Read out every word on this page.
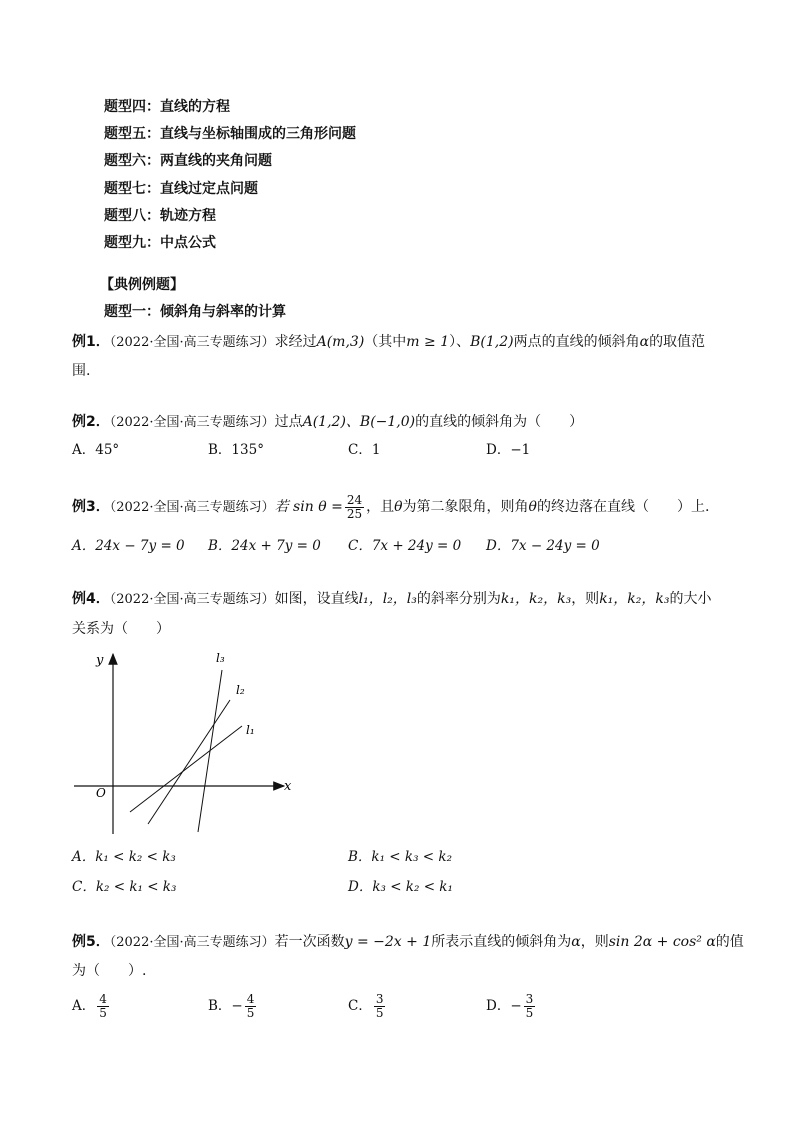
题型四：直线的方程
题型五：直线与坐标轴围成的三角形问题
题型六：两直线的夹角问题
题型七：直线过定点问题
题型八：轨迹方程
题型九：中点公式
【典例例题】
题型一：倾斜角与斜率的计算
例1．（2022·全国·高三专题练习）求经过A(m,3)（其中m ≥ 1）、B(1,2)两点的直线的倾斜角α的取值范
围.
例2．（2022·全国·高三专题练习）过点A(1,2)、B(−1,0)的直线的倾斜角为（　　）
A．45°	B．135°	C．1	D．−1
例3．（2022·全国·高三专题练习）若 $\sin \theta = \frac{24}{25}$ ，且θ为第二象限角，则角θ的终边落在直线（　　）上.
A．24x − 7y = 0 B．24x + 7y = 0 C．7x + 24y = 0 D．7x − 24y = 0
例4．（2022·全国·高三专题练习）如图，设直线l₁，l₂，l₃的斜率分别为k₁，k₂，k₃，则k₁，k₂，k₃的大小
关系为（　　）
y
x
O
l₁
l₂
l₃
A．k₁ < k₂ < k₃	B．k₁ < k₃ < k₂
C．k₂ < k₁ < k₃	D．k₃ < k₂ < k₁
例5．（2022·全国·高三专题练习）若一次函数y = −2x + 1所表示直线的倾斜角为α，则sin 2α + cos² α的值
为（　　）.
A． $\frac{4}{5}$	B．− $\frac{4}{5}$	C． $\frac{3}{5}$	D．− $\frac{3}{5}$
